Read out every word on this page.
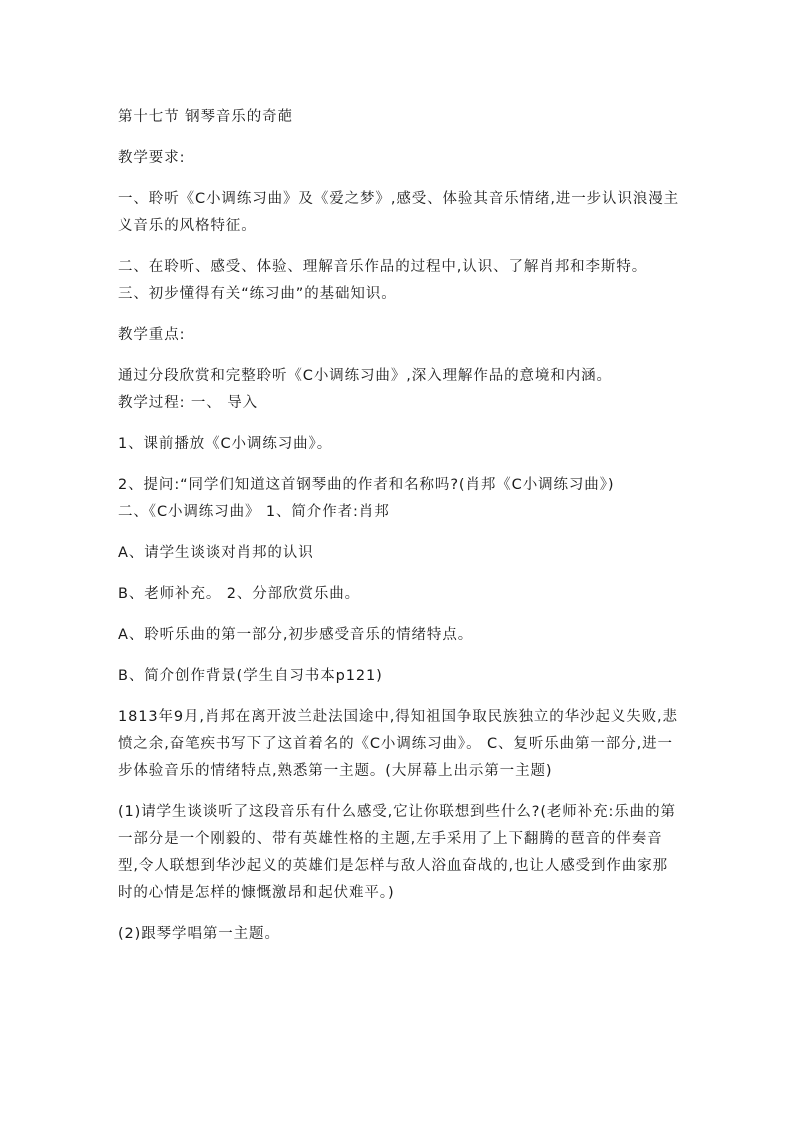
第十七节 钢琴音乐的奇葩

教学要求:

一、聆听《C小调练习曲》及《爱之梦》,感受、体验其音乐情绪,进一步认识浪漫主义音乐的风格特征。

二、在聆听、感受、体验、理解音乐作品的过程中,认识、了解肖邦和李斯特。 三、初步懂得有关“练习曲”的基础知识。

教学重点:

通过分段欣赏和完整聆听《C小调练习曲》,深入理解作品的意境和内涵。

教学过程: 一、 导入

1、课前播放《C小调练习曲》。

2、提问:“同学们知道这首钢琴曲的作者和名称吗?(肖邦《C小调练习曲》)

二、《C小调练习曲》 1、简介作者:肖邦

A、请学生谈谈对肖邦的认识

B、老师补充。 2、分部欣赏乐曲。

A、聆听乐曲的第一部分,初步感受音乐的情绪特点。

B、简介创作背景(学生自习书本p121)

1813年9月,肖邦在离开波兰赴法国途中,得知祖国争取民族独立的华沙起义失败,悲愤之余,奋笔疾书写下了这首着名的《C小调练习曲》。 C、复听乐曲第一部分,进一步体验音乐的情绪特点,熟悉第一主题。(大屏幕上出示第一主题)

(1)请学生谈谈听了这段音乐有什么感受,它让你联想到些什么?(老师补充:乐曲的第一部分是一个刚毅的、带有英雄性格的主题,左手采用了上下翻腾的琶音的伴奏音型,令人联想到华沙起义的英雄们是怎样与敌人浴血奋战的,也让人感受到作曲家那时的心情是怎样的慷慨激昂和起伏难平。)

(2)跟琴学唱第一主题。
